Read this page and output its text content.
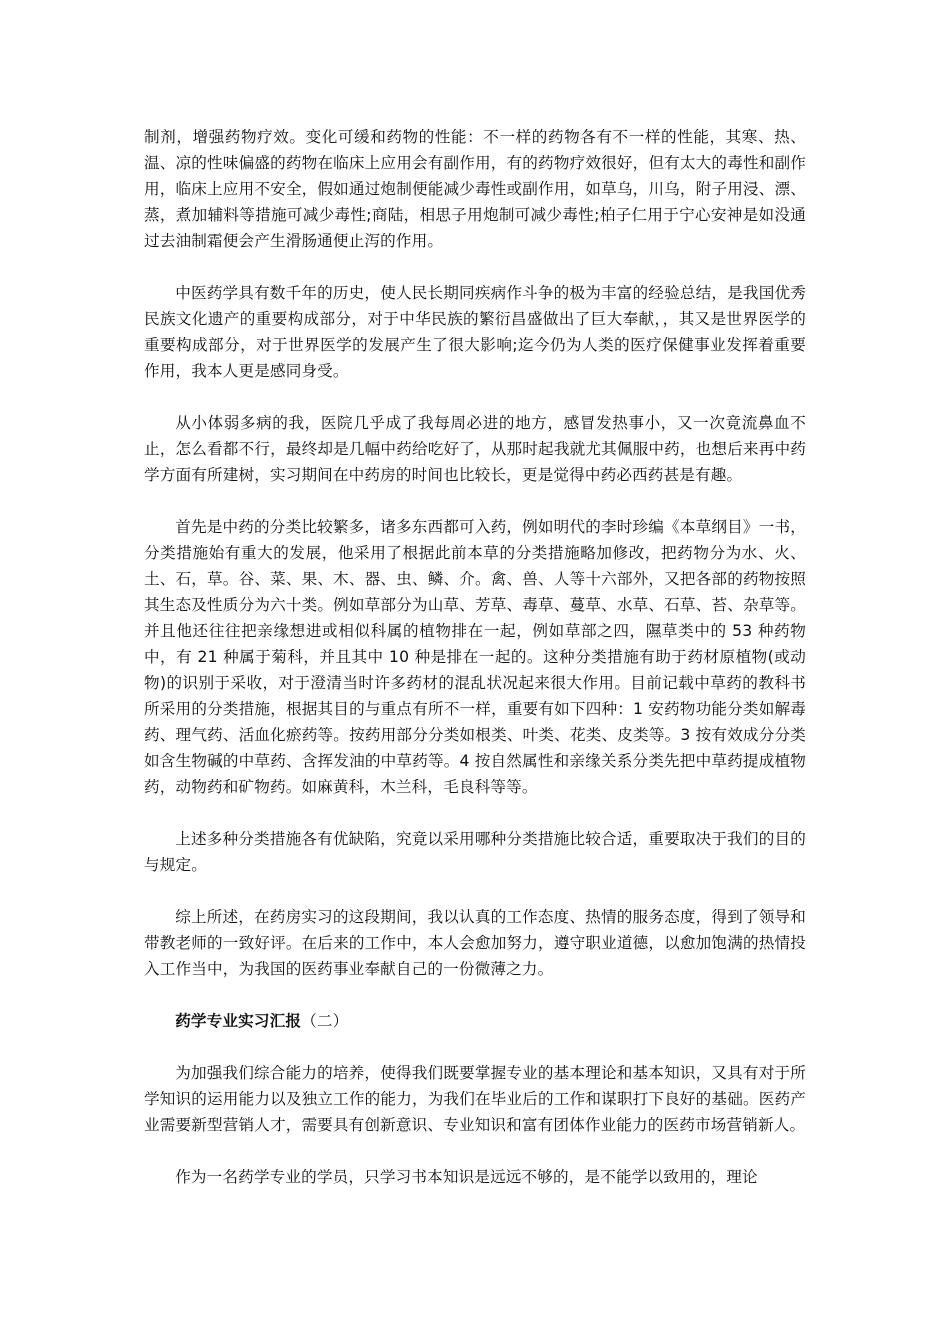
制剂，增强药物疗效。变化可缓和药物的性能：不一样的药物各有不一样的性能，其寒、热、温、凉的性味偏盛的药物在临床上应用会有副作用，有的药物疗效很好，但有太大的毒性和副作用，临床上应用不安全，假如通过炮制便能减少毒性或副作用，如草乌，川乌，附子用浸、漂、蒸，煮加辅料等措施可减少毒性;商陆，相思子用炮制可减少毒性;柏子仁用于宁心安神是如没通过去油制霜便会产生滑肠通便止泻的作用。

中医药学具有数千年的历史，使人民长期同疾病作斗争的极为丰富的经验总结，是我国优秀民族文化遗产的重要构成部分，对于中华民族的繁衍昌盛做出了巨大奉献，，其又是世界医学的重要构成部分，对于世界医学的发展产生了很大影响;迄今仍为人类的医疗保健事业发挥着重要作用，我本人更是感同身受。

从小体弱多病的我，医院几乎成了我每周必进的地方，感冒发热事小，又一次竟流鼻血不止，怎么看都不行，最终却是几幅中药给吃好了，从那时起我就尤其佩服中药，也想后来再中药学方面有所建树，实习期间在中药房的时间也比较长，更是觉得中药必西药甚是有趣。

首先是中药的分类比较繁多，诸多东西都可入药，例如明代的李时珍编《本草纲目》一书，分类措施始有重大的发展，他采用了根据此前本草的分类措施略加修改，把药物分为水、火、土、石，草。谷、菜、果、木、器、虫、鳞、介。禽、兽、人等十六部外，又把各部的药物按照其生态及性质分为六十类。例如草部分为山草、芳草、毒草、蔓草、水草、石草、苔、杂草等。并且他还往往把亲缘想进或相似科属的植物排在一起，例如草部之四，隰草类中的 53 种药物中，有 21 种属于菊科，并且其中 10 种是排在一起的。这种分类措施有助于药材原植物(或动物)的识别于采收，对于澄清当时许多药材的混乱状况起来很大作用。目前记载中草药的教科书所采用的分类措施，根据其目的与重点有所不一样，重要有如下四种：1 安药物功能分类如解毒药、理气药、活血化瘀药等。按药用部分分类如根类、叶类、花类、皮类等。3 按有效成分分类如含生物碱的中草药、含挥发油的中草药等。4 按自然属性和亲缘关系分类先把中草药提成植物药，动物药和矿物药。如麻黄科，木兰科，毛良科等等。

上述多种分类措施各有优缺陷，究竟以采用哪种分类措施比较合适，重要取决于我们的目的与规定。

综上所述，在药房实习的这段期间，我以认真的工作态度、热情的服务态度，得到了领导和带教老师的一致好评。在后来的工作中，本人会愈加努力，遵守职业道德，以愈加饱满的热情投入工作当中，为我国的医药事业奉献自己的一份微薄之力。

药学专业实习汇报（二）

为加强我们综合能力的培养，使得我们既要掌握专业的基本理论和基本知识，又具有对于所学知识的运用能力以及独立工作的能力，为我们在毕业后的工作和谋职打下良好的基础。医药产业需要新型营销人才，需要具有创新意识、专业知识和富有团体作业能力的医药市场营销新人。

作为一名药学专业的学员，只学习书本知识是远远不够的，是不能学以致用的，理论
